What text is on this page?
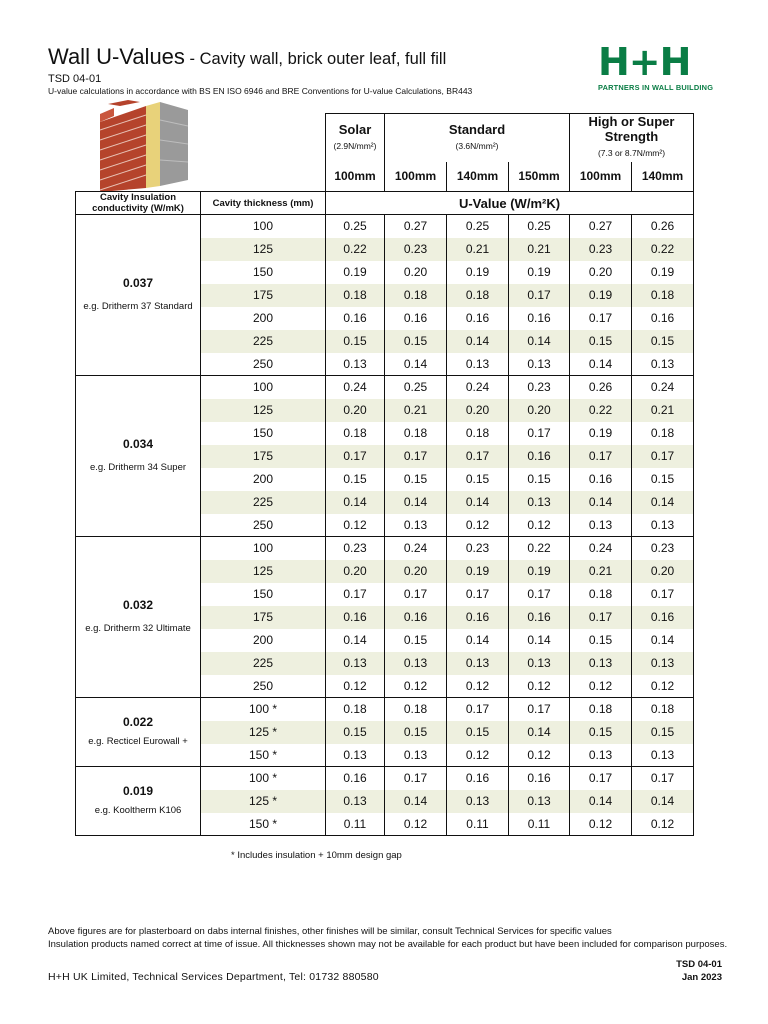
Wall U-Values - Cavity wall, brick outer leaf, full fill
TSD 04-01
U-value calculations in accordance with BS EN ISO 6946 and BRE Conventions for U-value Calculations, BR443
H+H
PARTNERS IN WALL BUILDING
		Solar
(2.9N/mm²)	Standard
(3.6N/mm²)			High or Super Strength
(7.3 or 8.7N/mm²)	

		100mm	100mm	140mm	150mm	100mm	140mm
Cavity Insulation conductivity (W/mK)	Cavity thickness (mm)	U-Value (W/m²K)					

0.037
e.g. Dritherm 37 Standard	100	0.25	0.27	0.25	0.25	0.27	0.26
	125	0.22	0.23	0.21	0.21	0.23	0.22
	150	0.19	0.20	0.19	0.19	0.20	0.19
	175	0.18	0.18	0.18	0.17	0.19	0.18
	200	0.16	0.16	0.16	0.16	0.17	0.16
	225	0.15	0.15	0.14	0.14	0.15	0.15
	250	0.13	0.14	0.13	0.13	0.14	0.13

0.034
e.g. Dritherm 34 Super	100	0.24	0.25	0.24	0.23	0.26	0.24
	125	0.20	0.21	0.20	0.20	0.22	0.21
	150	0.18	0.18	0.18	0.17	0.19	0.18
	175	0.17	0.17	0.17	0.16	0.17	0.17
	200	0.15	0.15	0.15	0.15	0.16	0.15
	225	0.14	0.14	0.14	0.13	0.14	0.14
	250	0.12	0.13	0.12	0.12	0.13	0.13

0.032
e.g. Dritherm 32 Ultimate	100	0.23	0.24	0.23	0.22	0.24	0.23
	125	0.20	0.20	0.19	0.19	0.21	0.20
	150	0.17	0.17	0.17	0.17	0.18	0.17
	175	0.16	0.16	0.16	0.16	0.17	0.16
	200	0.14	0.15	0.14	0.14	0.15	0.14
	225	0.13	0.13	0.13	0.13	0.13	0.13
	250	0.12	0.12	0.12	0.12	0.12	0.12

0.022
e.g. Recticel Eurowall +	100 *	0.18	0.18	0.17	0.17	0.18	0.18
	125 *	0.15	0.15	0.15	0.14	0.15	0.15
	150 *	0.13	0.13	0.12	0.12	0.13	0.13

0.019
e.g. Kooltherm K106	100 *	0.16	0.17	0.16	0.16	0.17	0.17
	125 *	0.13	0.14	0.13	0.13	0.14	0.14
	150 *	0.11	0.12	0.11	0.11	0.12	0.12
* Includes insulation + 10mm design gap
Above figures are for plasterboard on dabs internal finishes, other finishes will be similar, consult Technical Services for specific values
Insulation products named correct at time of issue. All thicknesses shown may not be available for each product but have been included for comparison purposes.
H+H UK Limited, Technical Services Department, Tel: 01732 880580
TSD 04-01
Jan 2023
